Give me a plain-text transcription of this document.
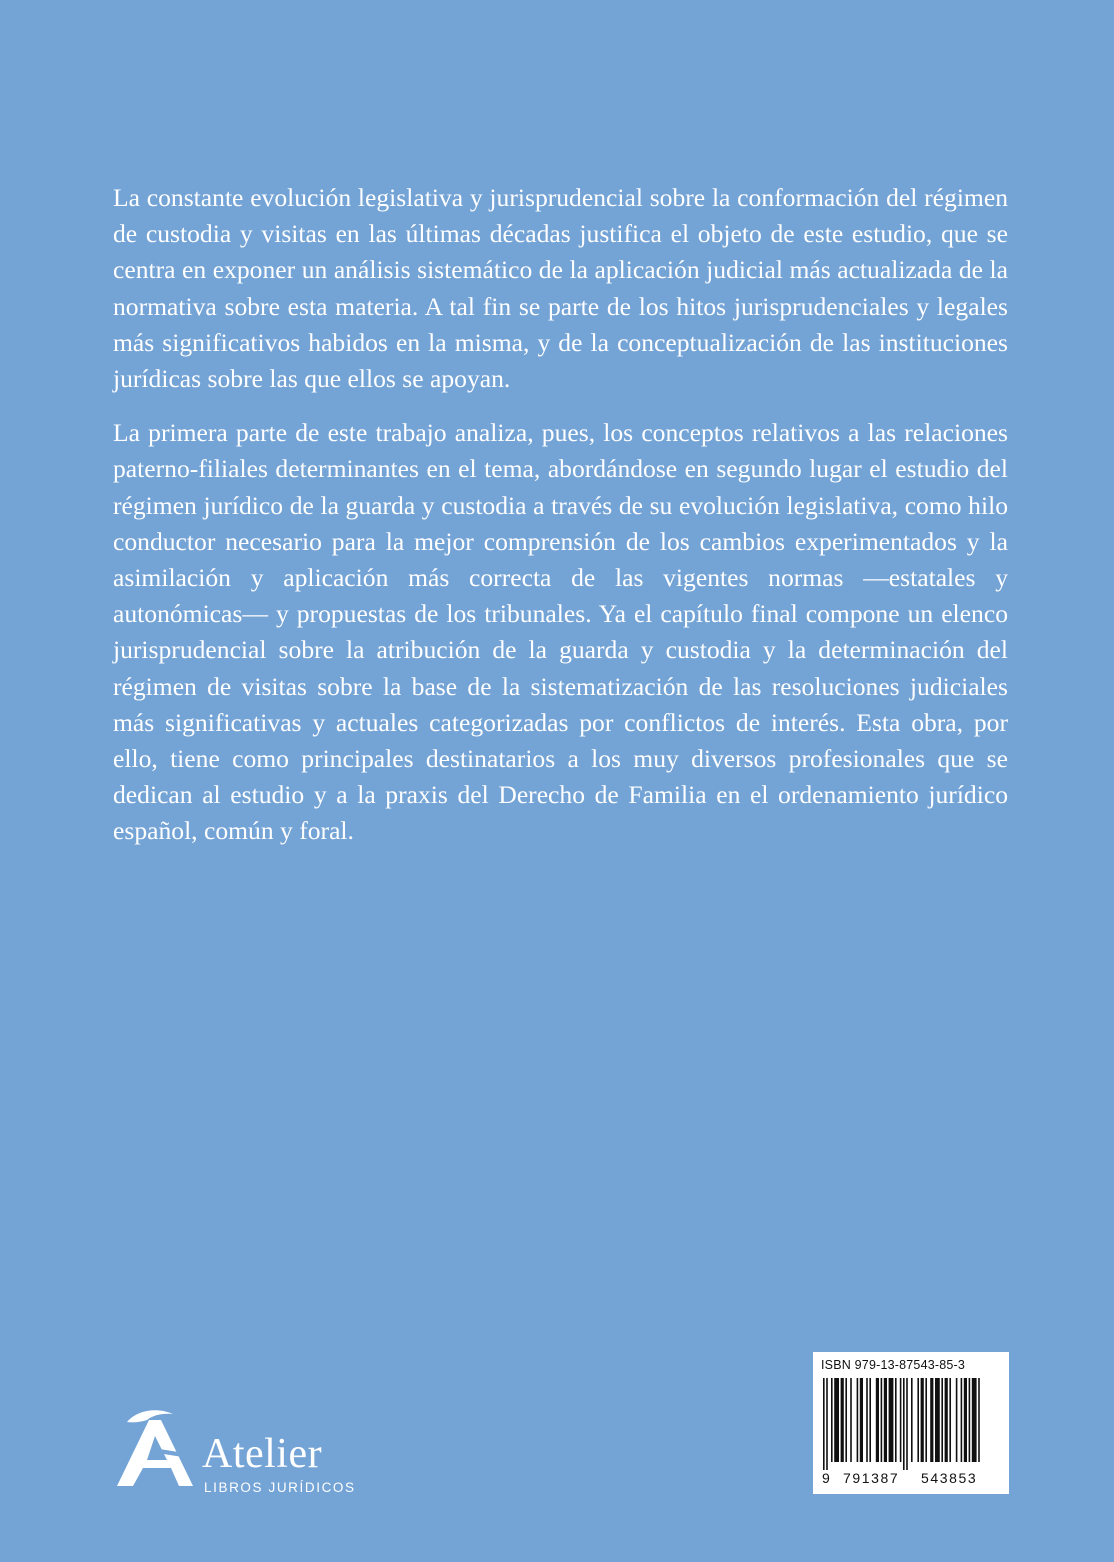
La constante evolución legislativa y jurisprudencial sobre la conformación del régimen de custodia y visitas en las últimas décadas justifica el objeto de este estudio, que se centra en exponer un análisis sistemático de la aplicación judicial más actualizada de la normativa sobre esta materia. A tal fin se parte de los hitos jurisprudenciales y legales más significativos habidos en la misma, y de la conceptualización de las instituciones jurídicas sobre las que ellos se apoyan.

La primera parte de este trabajo analiza, pues, los conceptos relativos a las relaciones paterno-filiales determinantes en el tema, abordándose en segundo lugar el estudio del régimen jurídico de la guarda y custodia a través de su evolución legislativa, como hilo conductor necesario para la mejor comprensión de los cambios experimentados y la asimilación y aplicación más correcta de las vigentes normas —estatales y autonómicas— y propuestas de los tribunales. Ya el capítulo final compone un elenco jurisprudencial sobre la atribución de la guarda y custodia y la determinación del régimen de visitas sobre la base de la sistematización de las resoluciones judiciales más significativas y actuales categorizadas por conflictos de interés. Esta obra, por ello, tiene como principales destinatarios a los muy diversos profesionales que se dedican al estudio y a la praxis del Derecho de Familia en el ordenamiento jurídico español, común y foral.

Atelier
LIBROS JURÍDICOS
ISBN 979-13-87543-85-3
9 791387 543853
